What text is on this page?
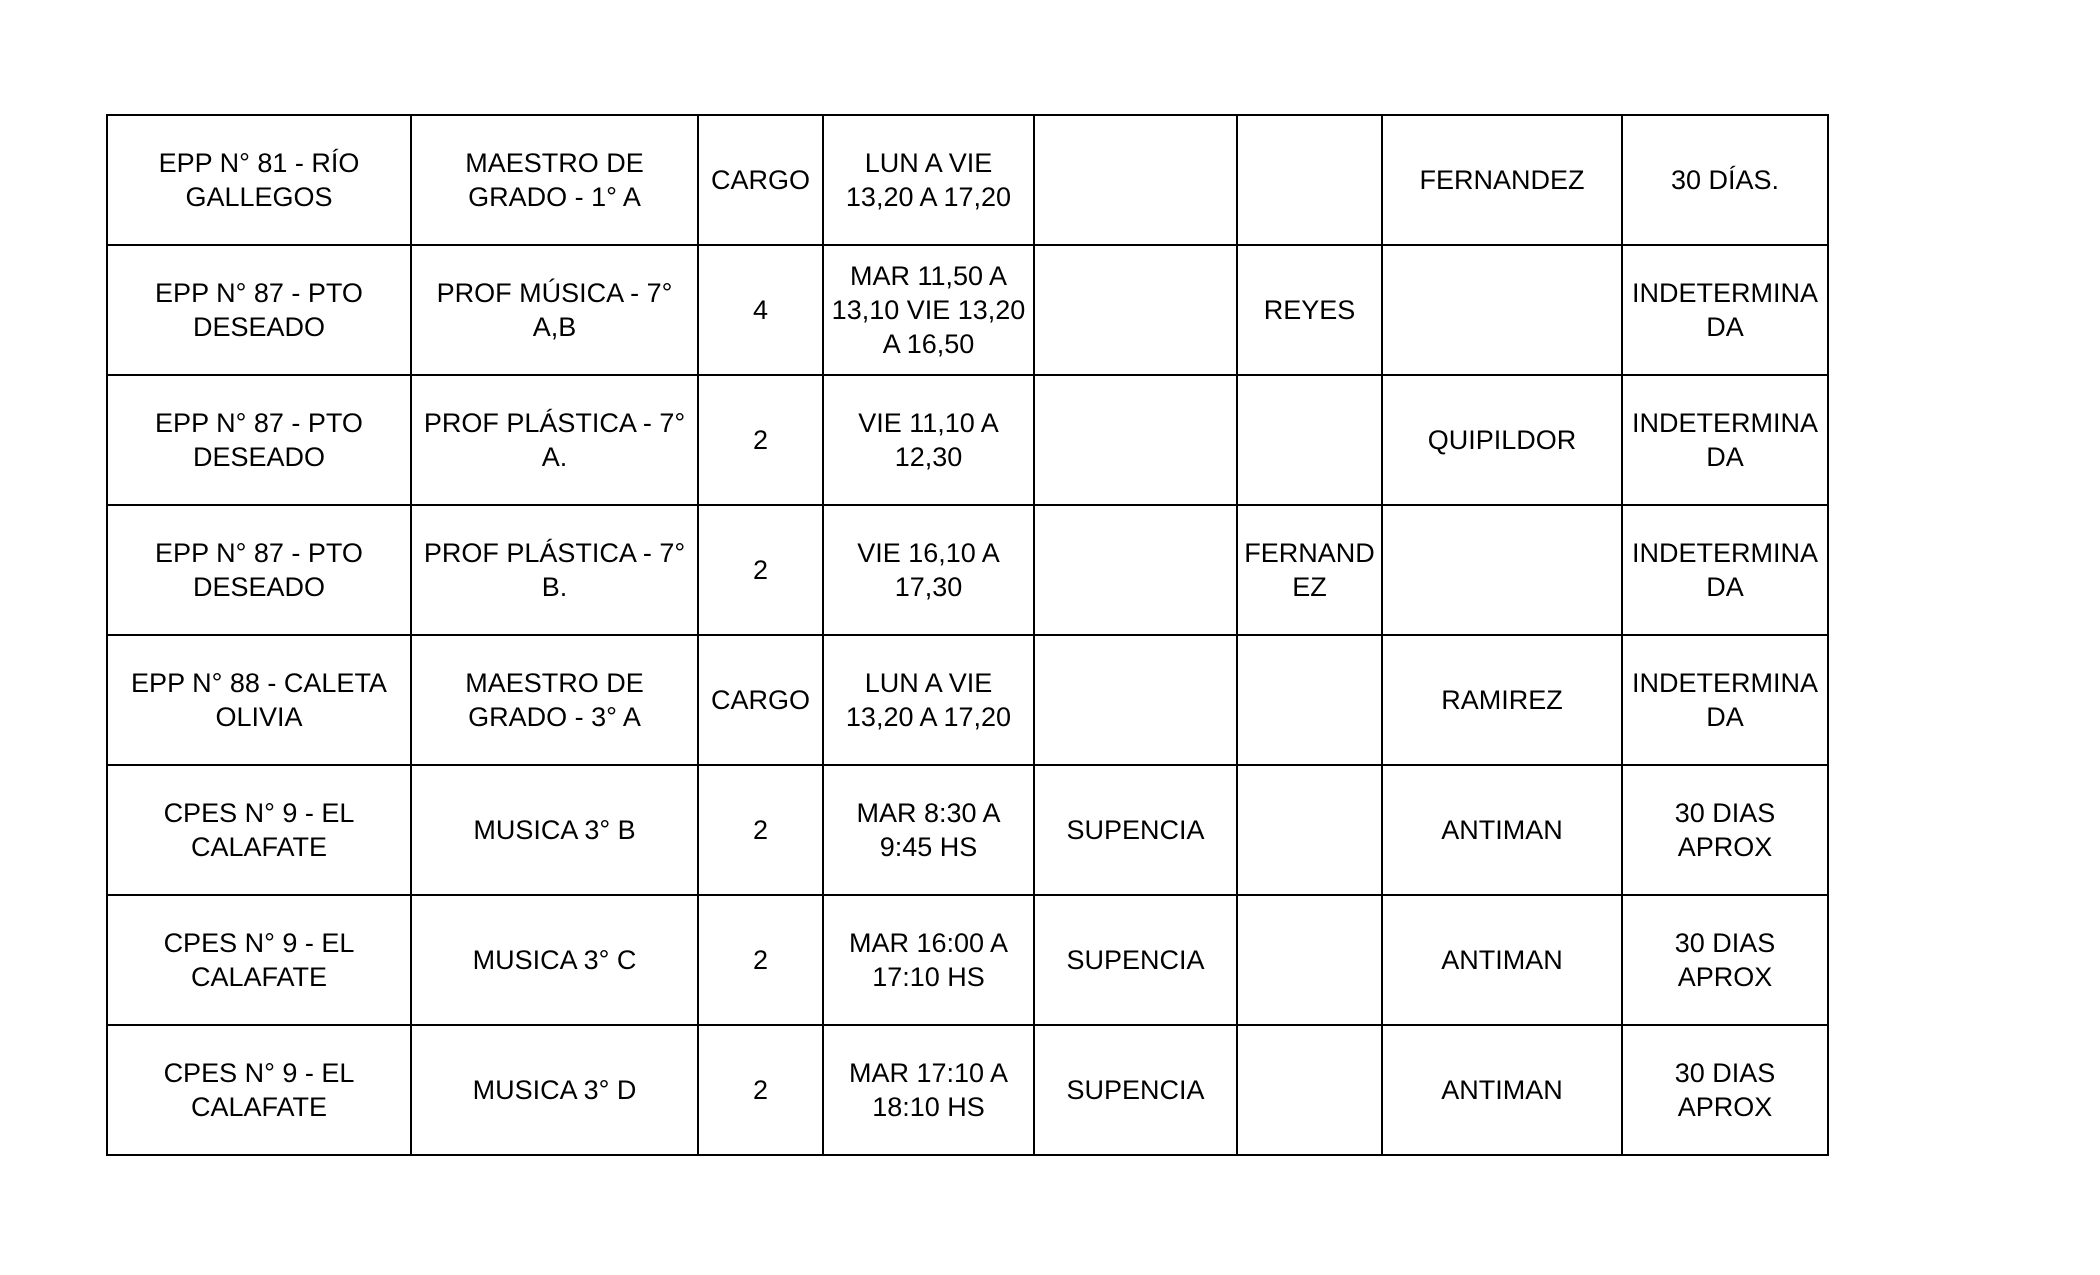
EPP N° 81 - RÍO
GALLEGOS	MAESTRO DE
GRADO - 1° A	CARGO	LUN A VIE
13,20 A 17,20			FERNANDEZ	30 DÍAS.
EPP N° 87 - PTO
DESEADO	PROF MÚSICA - 7°
A,B	4	MAR 11,50 A
13,10 VIE 13,20
A 16,50		REYES		INDETERMINA
DA
EPP N° 87 - PTO
DESEADO	PROF PLÁSTICA - 7°
A.	2	VIE 11,10 A
12,30			QUIPILDOR	INDETERMINA
DA
EPP N° 87 - PTO
DESEADO	PROF PLÁSTICA - 7°
B.	2	VIE 16,10 A
17,30		FERNAND
EZ		INDETERMINA
DA
EPP N° 88 - CALETA
OLIVIA	MAESTRO DE
GRADO - 3° A	CARGO	LUN A VIE
13,20 A 17,20			RAMIREZ	INDETERMINA
DA
CPES N° 9 - EL
CALAFATE	MUSICA 3° B	2	MAR 8:30 A
9:45 HS	SUPENCIA		ANTIMAN	30 DIAS
APROX
CPES N° 9 - EL
CALAFATE	MUSICA 3° C	2	MAR 16:00 A
17:10 HS	SUPENCIA		ANTIMAN	30 DIAS
APROX
CPES N° 9 - EL
CALAFATE	MUSICA 3° D	2	MAR 17:10 A
18:10 HS	SUPENCIA		ANTIMAN	30 DIAS
APROX
